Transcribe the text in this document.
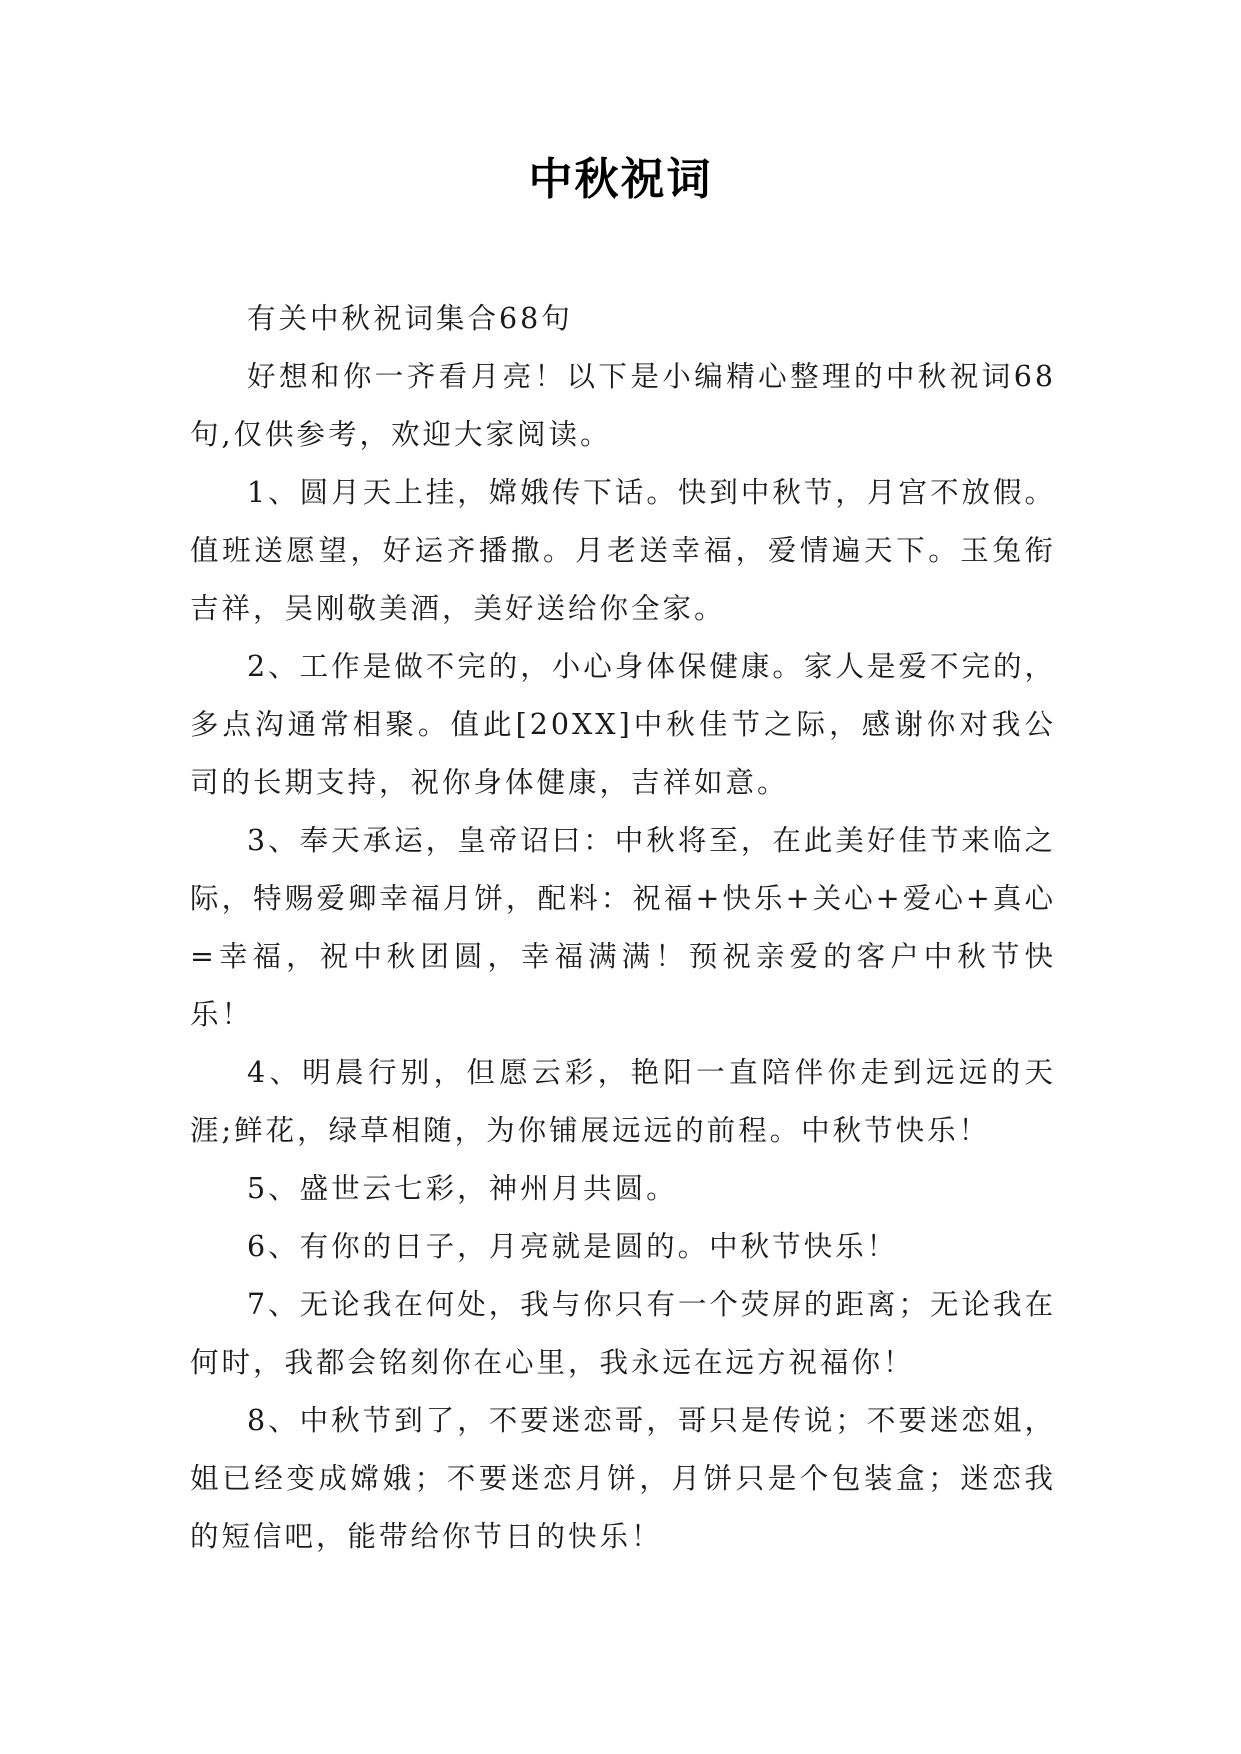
中秋祝词

有关中秋祝词集合68句

好想和你一齐看月亮！以下是小编精心整理的中秋祝词68句,仅供参考，欢迎大家阅读。

1、圆月天上挂，嫦娥传下话。快到中秋节，月宫不放假。值班送愿望，好运齐播撒。月老送幸福，爱情遍天下。玉兔衔吉祥，吴刚敬美酒，美好送给你全家。

2、工作是做不完的，小心身体保健康。家人是爱不完的，多点沟通常相聚。值此[20XX]中秋佳节之际，感谢你对我公司的长期支持，祝你身体健康，吉祥如意。

3、奉天承运，皇帝诏曰：中秋将至，在此美好佳节来临之际，特赐爱卿幸福月饼，配料：祝福+快乐+关心+爱心+真心=幸福，祝中秋团圆，幸福满满！预祝亲爱的客户中秋节快乐！

4、明晨行别，但愿云彩，艳阳一直陪伴你走到远远的天涯;鲜花，绿草相随，为你铺展远远的前程。中秋节快乐！

5、盛世云七彩，神州月共圆。

6、有你的日子，月亮就是圆的。中秋节快乐！

7、无论我在何处，我与你只有一个荧屏的距离；无论我在何时，我都会铭刻你在心里，我永远在远方祝福你！

8、中秋节到了，不要迷恋哥，哥只是传说；不要迷恋姐，姐已经变成嫦娥；不要迷恋月饼，月饼只是个包装盒；迷恋我的短信吧，能带给你节日的快乐！
